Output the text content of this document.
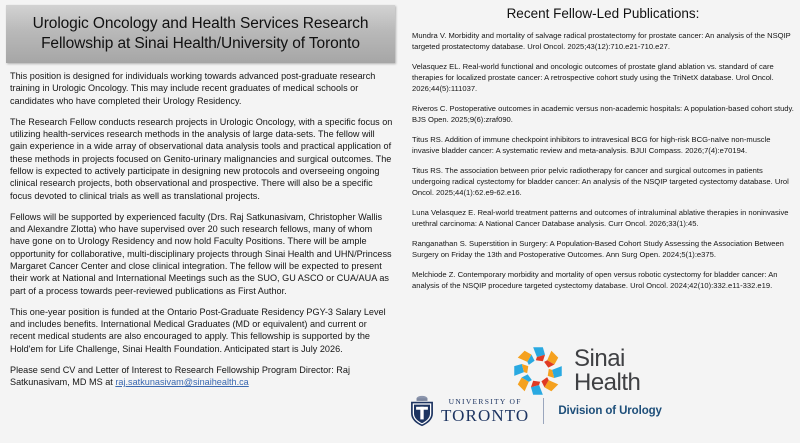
Urologic Oncology and Health Services Research
Fellowship at Sinai Health/University of Toronto

This position is designed for individuals working towards advanced post-graduate research training in Urologic Oncology. This may include recent graduates of medical schools or candidates who have completed their Urology Residency.

The Research Fellow conducts research projects in Urologic Oncology, with a specific focus on utilizing health-services research methods in the analysis of large data-sets. The fellow will gain experience in a wide array of observational data analysis tools and practical application of these methods in projects focused on Genito-urinary malignancies and surgical outcomes. The fellow is expected to actively participate in designing new protocols and overseeing ongoing clinical research projects, both observational and prospective. There will also be a specific focus devoted to clinical trials as well as translational projects.

Fellows will be supported by experienced faculty (Drs. Raj Satkunasivam, Christopher Wallis and Alexandre Zlotta) who have supervised over 20 such research fellows, many of whom have gone on to Urology Residency and now hold Faculty Positions. There will be ample opportunity for collaborative, multi-disciplinary projects through Sinai Health and UHN/Princess Margaret Cancer Center and close clinical integration. The fellow will be expected to present their work at National and International Meetings such as the SUO, GU ASCO or CUA/AUA as part of a process towards peer-reviewed publications as First Author.

This one-year position is funded at the Ontario Post-Graduate Residency PGY-3 Salary Level and includes benefits. International Medical Graduates (MD or equivalent) and current or recent medical students are also encouraged to apply. This fellowship is supported by the Hold'em for Life Challenge, Sinai Health Foundation. Anticipated start is July 2026.

Please send CV and Letter of Interest to Research Fellowship Program Director: Raj Satkunasivam, MD MS at raj.satkunasivam@sinaihealth.ca

Recent Fellow-Led Publications:

Mundra V. Morbidity and mortality of salvage radical prostatectomy for prostate cancer: An analysis of the NSQIP targeted prostatectomy database. Urol Oncol. 2025;43(12):710.e21-710.e27.

Velasquez EL. Real-world functional and oncologic outcomes of prostate gland ablation vs. standard of care therapies for localized prostate cancer: A retrospective cohort study using the TriNetX database. Urol Oncol. 2026;44(5):111037.

Riveros C. Postoperative outcomes in academic versus non-academic hospitals: A population-based cohort study. BJS Open. 2025;9(6):zraf090.

Titus RS. Addition of immune checkpoint inhibitors to intravesical BCG for high-risk BCG-naïve non-muscle invasive bladder cancer: A systematic review and meta-analysis. BJUI Compass. 2026;7(4):e70194.

Titus RS. The association between prior pelvic radiotherapy for cancer and surgical outcomes in patients undergoing radical cystectomy for bladder cancer: An analysis of the NSQIP targeted cystectomy database. Urol Oncol. 2025;44(1):62.e9-62.e16.

Luna Velasquez E. Real-world treatment patterns and outcomes of intraluminal ablative therapies in noninvasive urethral carcinoma: A National Cancer Database analysis. Curr Oncol. 2026;33(1):45.

Ranganathan S. Superstition in Surgery: A Population-Based Cohort Study Assessing the Association Between Surgery on Friday the 13th and Postoperative Outcomes. Ann Surg Open. 2024;5(1):e375.

Melchiode Z. Contemporary morbidity and mortality of open versus robotic cystectomy for bladder cancer: An analysis of the NSQIP procedure targeted cystectomy database. Urol Oncol. 2024;42(10):332.e11-332.e19.

Sinai
Health
UNIVERSITY OF
TORONTO	Division of Urology
